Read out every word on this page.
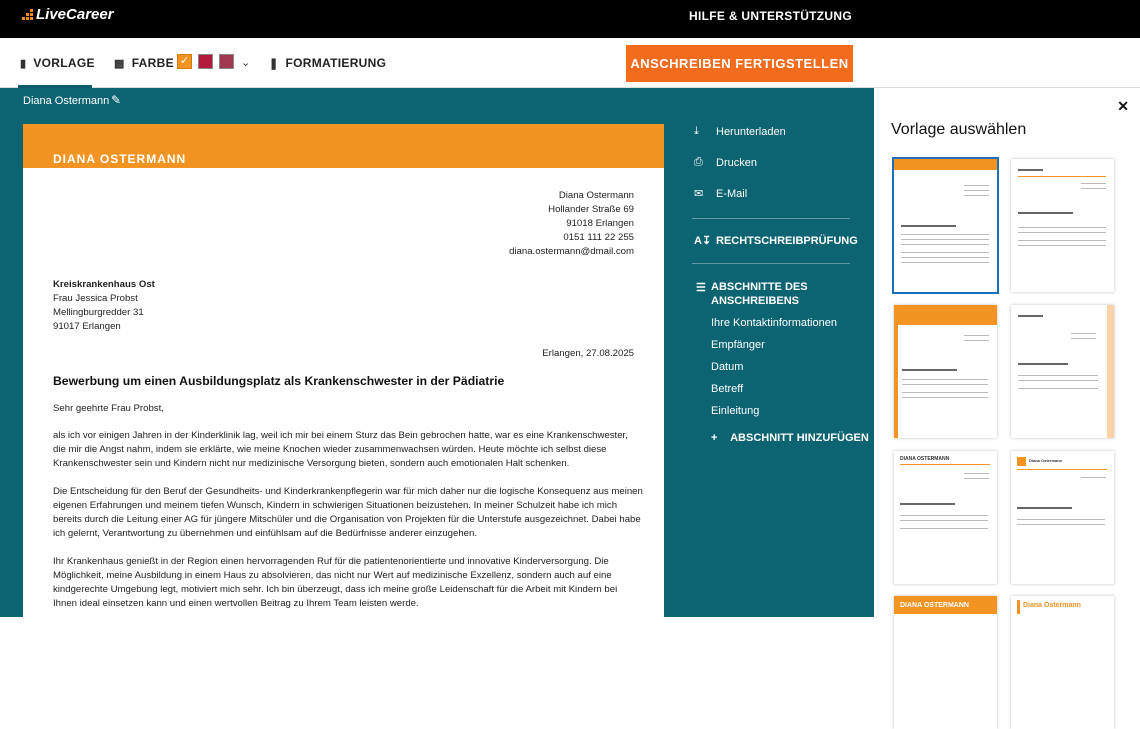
LiveCareer	HILFE & UNTERSTÜTZUNG
▮ VORLAGE ▩ FARBE ✓	⌄ ❚ FORMATIERUNG	ANSCHREIBEN FERTIGSTELLEN
Diana Ostermann ✎
DIANA OSTERMANN
Diana Ostermann
Hollander Straße 69
91018 Erlangen
0151 111 22 255
diana.ostermann@dmail.com
Kreiskrankenhaus Ost
Frau Jessica Probst
Mellingburgredder 31
91017 Erlangen
Erlangen, 27.08.2025
Bewerbung um einen Ausbildungsplatz als Krankenschwester in der Pädiatrie
Sehr geehrte Frau Probst,

als ich vor einigen Jahren in der Kinderklinik lag, weil ich mir bei einem Sturz das Bein gebrochen hatte, war es eine Krankenschwester, die mir die Angst nahm, indem sie erklärte, wie meine Knochen wieder zusammenwachsen würden. Heute möchte ich selbst diese Krankenschwester sein und Kindern nicht nur medizinische Versorgung bieten, sondern auch emotionalen Halt schenken.

Die Entscheidung für den Beruf der Gesundheits- und Kinderkrankenpflegerin war für mich daher nur die logische Konsequenz aus meinen eigenen Erfahrungen und meinem tiefen Wunsch, Kindern in schwierigen Situationen beizustehen. In meiner Schulzeit habe ich mich bereits durch die Leitung einer AG für jüngere Mitschüler und die Organisation von Projekten für die Unterstufe ausgezeichnet. Dabei habe ich gelernt, Verantwortung zu übernehmen und einfühlsam auf die Bedürfnisse anderer einzugehen.

Ihr Krankenhaus genießt in der Region einen hervorragenden Ruf für die patientenorientierte und innovative Kinderversorgung. Die Möglichkeit, meine Ausbildung in einem Haus zu absolvieren, das nicht nur Wert auf medizinische Exzellenz, sondern auch auf eine kindgerechte Umgebung legt, motiviert mich sehr. Ich bin überzeugt, dass ich meine große Leidenschaft für die Arbeit mit Kindern bei Ihnen ideal einsetzen kann und einen wertvollen Beitrag zu Ihrem Team leisten werde.

⤓	Herunterladen
⎙	Drucken
✉	E-Mail
A↧ RECHTSCHREIBPRÜFUNG
☰ ABSCHNITTE DES ANSCHREIBENS
Ihre Kontaktinformationen
Empfänger
Datum
Betreff
Einleitung
+ ABSCHNITT HINZUFÜGEN
✕
Vorlage auswählen
DIANA OSTERMANN	Diana Ostermann
DIANA OSTERMANN	Diana Ostermann
